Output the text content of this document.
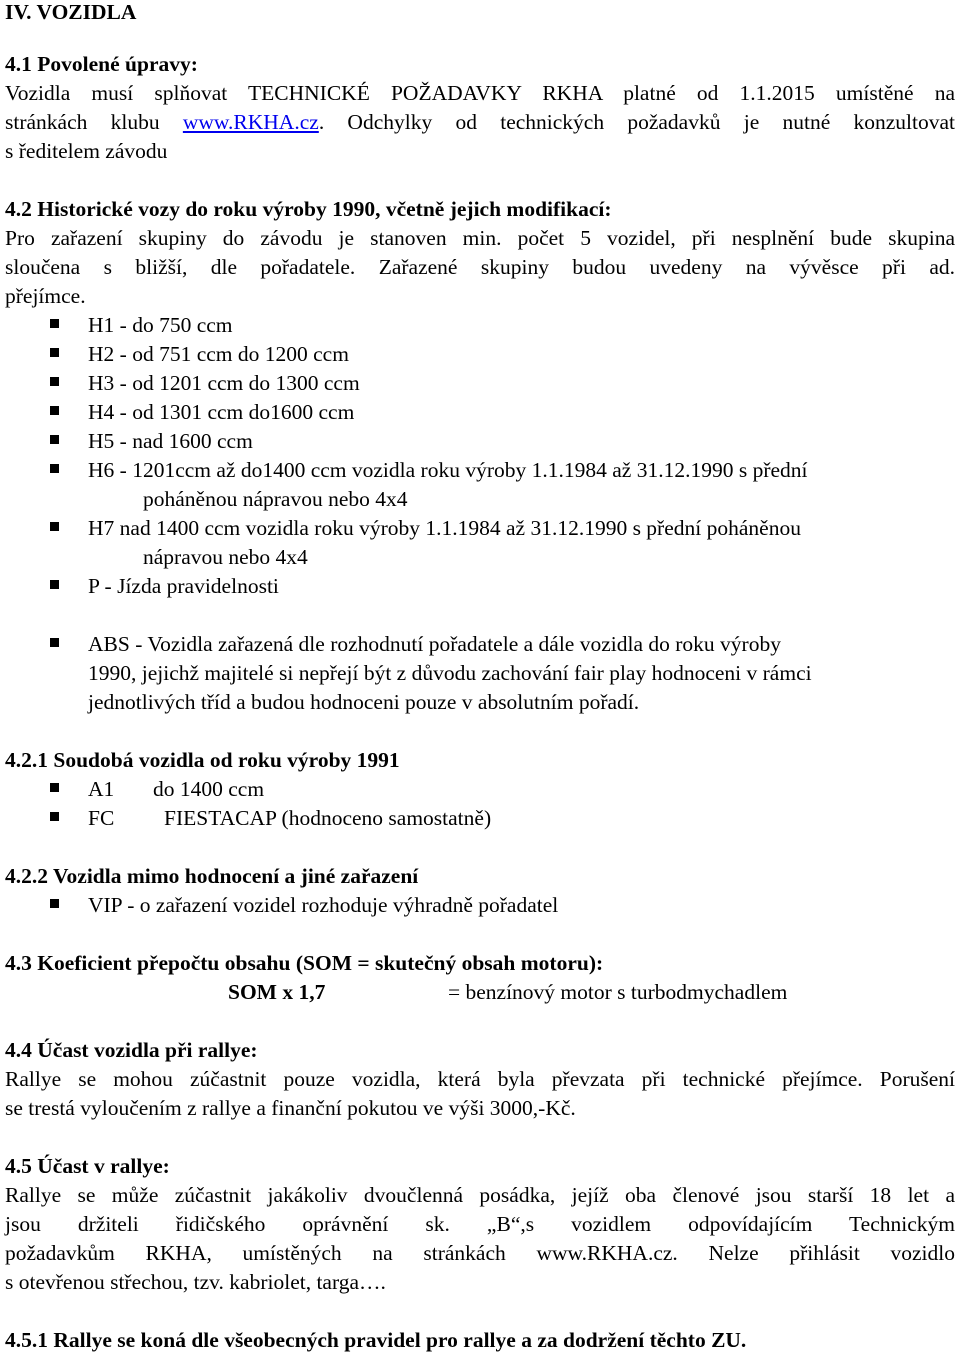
IV. VOZIDLA
4.1 Povolené úpravy:
Vozidla musí splňovat TECHNICKÉ POŽADAVKY RKHA platné od 1.1.2015 umístěné na
stránkách klubu www.RKHA.cz. Odchylky od technických požadavků je nutné konzultovat
s ředitelem závodu
4.2 Historické vozy do roku výroby 1990, včetně jejich modifikací:
Pro zařazení skupiny do závodu je stanoven min. počet 5 vozidel, při nesplnění bude skupina
sloučena s bližší, dle pořadatele. Zařazené skupiny budou uvedeny na vývěsce při ad.
přejímce.
H1 - do 750 ccm
H2 - od 751 ccm do 1200 ccm
H3 - od 1201 ccm do 1300 ccm
H4 - od 1301 ccm do1600 ccm
H5 - nad 1600 ccm
H6 - 1201ccm až do1400 ccm vozidla roku výroby 1.1.1984 až 31.12.1990 s přední
poháněnou nápravou nebo 4x4
H7 nad 1400 ccm vozidla roku výroby 1.1.1984 až 31.12.1990 s přední poháněnou
nápravou nebo 4x4
P - Jízda pravidelnosti
ABS - Vozidla zařazená dle rozhodnutí pořadatele a dále vozidla do roku výroby
1990, jejichž majitelé si nepřejí být z důvodu zachování fair play hodnoceni v rámci
jednotlivých tříd a budou hodnoceni pouze v absolutním pořadí.
4.2.1 Soudobá vozidla od roku výroby 1991
A1 do 1400 ccm
FC FIESTACAP (hodnoceno samostatně)
4.2.2 Vozidla mimo hodnocení a jiné zařazení
VIP - o zařazení vozidel rozhoduje výhradně pořadatel
4.3 Koeficient přepočtu obsahu (SOM = skutečný obsah motoru):
SOM x 1,7	= benzínový motor s turbodmychadlem
4.4 Účast vozidla při rallye:
Rallye se mohou zúčastnit pouze vozidla, která byla převzata při technické přejímce. Porušení
se trestá vyloučením z rallye a finanční pokutou ve výši 3000,-Kč.
4.5 Účast v rallye:
Rallye se může zúčastnit jakákoliv dvoučlenná posádka, jejíž oba členové jsou starší 18 let a
jsou držiteli řidičského oprávnění sk. „B“,s vozidlem odpovídajícím Technickým
požadavkům RKHA, umístěných na stránkách www.RKHA.cz. Nelze přihlásit vozidlo
s otevřenou střechou, tzv. kabriolet, targa….
4.5.1 Rallye se koná dle všeobecných pravidel pro rallye a za dodržení těchto ZU.
